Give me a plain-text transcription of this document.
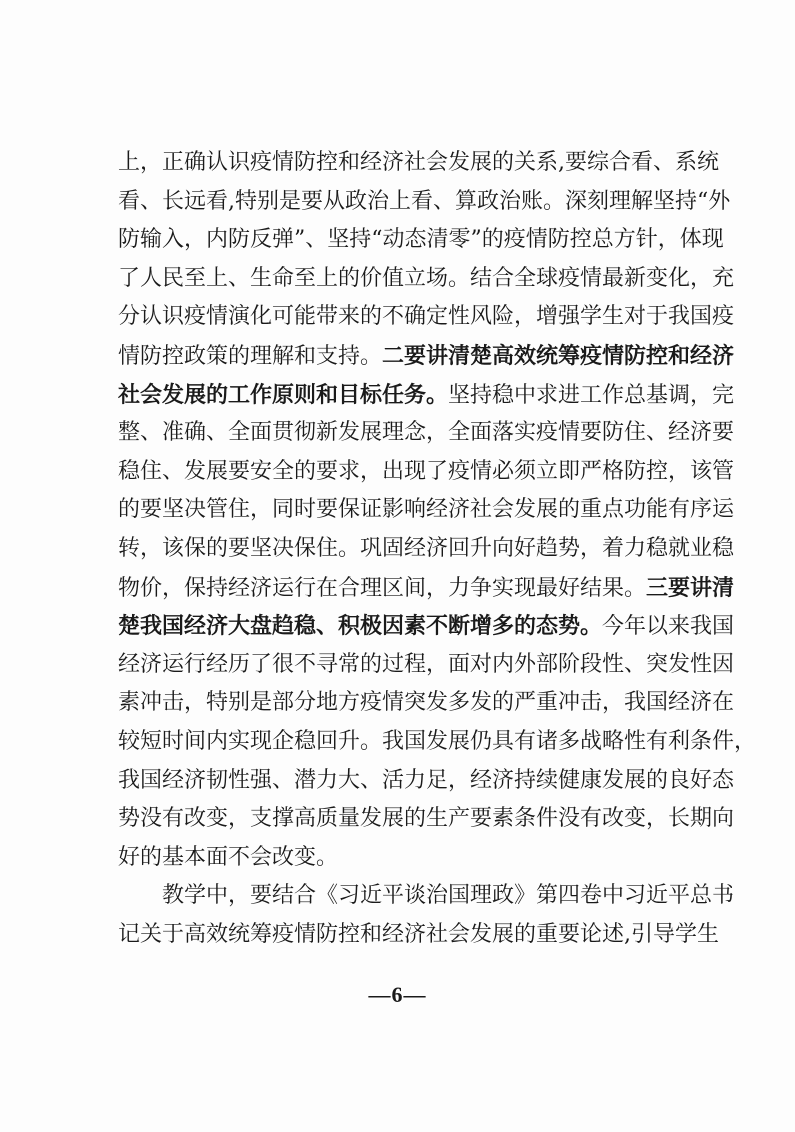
上，正确认识疫情防控和经济社会发展的关系,要综合看、系统
看、长远看,特别是要从政治上看、算政治账。深刻理解坚持“外
防输入，内防反弹”、坚持“动态清零”的疫情防控总方针，体现
了人民至上、生命至上的价值立场。结合全球疫情最新变化，充
分认识疫情演化可能带来的不确定性风险，增强学生对于我国疫
情防控政策的理解和支持。二要讲清楚高效统筹疫情防控和经济
社会发展的工作原则和目标任务。坚持稳中求进工作总基调，完
整、准确、全面贯彻新发展理念，全面落实疫情要防住、经济要
稳住、发展要安全的要求，出现了疫情必须立即严格防控，该管
的要坚决管住，同时要保证影响经济社会发展的重点功能有序运
转，该保的要坚决保住。巩固经济回升向好趋势，着力稳就业稳
物价，保持经济运行在合理区间，力争实现最好结果。三要讲清
楚我国经济大盘趋稳、积极因素不断增多的态势。今年以来我国
经济运行经历了很不寻常的过程，面对内外部阶段性、突发性因
素冲击，特别是部分地方疫情突发多发的严重冲击，我国经济在
较短时间内实现企稳回升。我国发展仍具有诸多战略性有利条件，
我国经济韧性强、潜力大、活力足，经济持续健康发展的良好态
势没有改变，支撑高质量发展的生产要素条件没有改变，长期向
好的基本面不会改变。
教学中，要结合《习近平谈治国理政》第四卷中习近平总书
记关于高效统筹疫情防控和经济社会发展的重要论述,引导学生
—6—
